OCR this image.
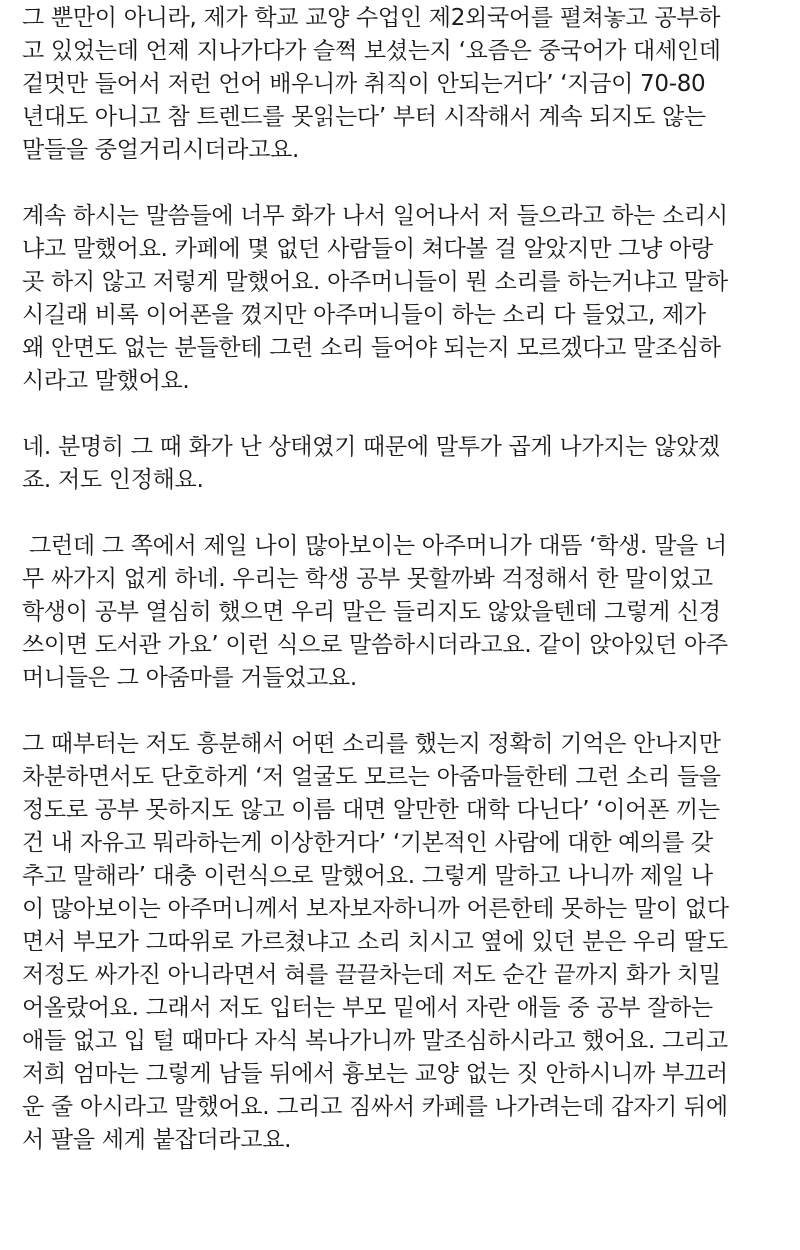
그 뿐만이 아니라, 제가 학교 교양 수업인 제2외국어를 펼쳐놓고 공부하
고 있었는데 언제 지나가다가 슬쩍 보셨는지 ‘요즘은 중국어가 대세인데
겉멋만 들어서 저런 언어 배우니까 취직이 안되는거다’ ‘지금이 70-80
년대도 아니고 참 트렌드를 못읽는다’ 부터 시작해서 계속 되지도 않는
말들을 중얼거리시더라고요.
계속 하시는 말씀들에 너무 화가 나서 일어나서 저 들으라고 하는 소리시
냐고 말했어요. 카페에 몇 없던 사람들이 쳐다볼 걸 알았지만 그냥 아랑
곳 하지 않고 저렇게 말했어요. 아주머니들이 뭔 소리를 하는거냐고 말하
시길래 비록 이어폰을 꼈지만 아주머니들이 하는 소리 다 들었고, 제가
왜 안면도 없는 분들한테 그런 소리 들어야 되는지 모르겠다고 말조심하
시라고 말했어요.
네. 분명히 그 때 화가 난 상태였기 때문에 말투가 곱게 나가지는 않았겠
죠. 저도 인정해요.
그런데 그 쪽에서 제일 나이 많아보이는 아주머니가 대뜸 ‘학생. 말을 너
무 싸가지 없게 하네. 우리는 학생 공부 못할까봐 걱정해서 한 말이었고
학생이 공부 열심히 했으면 우리 말은 들리지도 않았을텐데 그렇게 신경
쓰이면 도서관 가요’ 이런 식으로 말씀하시더라고요. 같이 앉아있던 아주
머니들은 그 아줌마를 거들었고요.
그 때부터는 저도 흥분해서 어떤 소리를 했는지 정확히 기억은 안나지만
차분하면서도 단호하게 ‘저 얼굴도 모르는 아줌마들한테 그런 소리 들을
정도로 공부 못하지도 않고 이름 대면 알만한 대학 다닌다’ ‘이어폰 끼는
건 내 자유고 뭐라하는게 이상한거다’ ‘기본적인 사람에 대한 예의를 갖
추고 말해라’ 대충 이런식으로 말했어요. 그렇게 말하고 나니까 제일 나
이 많아보이는 아주머니께서 보자보자하니까 어른한테 못하는 말이 없다
면서 부모가 그따위로 가르쳤냐고 소리 치시고 옆에 있던 분은 우리 딸도
저정도 싸가진 아니라면서 혀를 끌끌차는데 저도 순간 끝까지 화가 치밀
어올랐어요. 그래서 저도 입터는 부모 밑에서 자란 애들 중 공부 잘하는
애들 없고 입 털 때마다 자식 복나가니까 말조심하시라고 했어요. 그리고
저희 엄마는 그렇게 남들 뒤에서 흉보는 교양 없는 짓 안하시니까 부끄러
운 줄 아시라고 말했어요. 그리고 짐싸서 카페를 나가려는데 갑자기 뒤에
서 팔을 세게 붙잡더라고요.
